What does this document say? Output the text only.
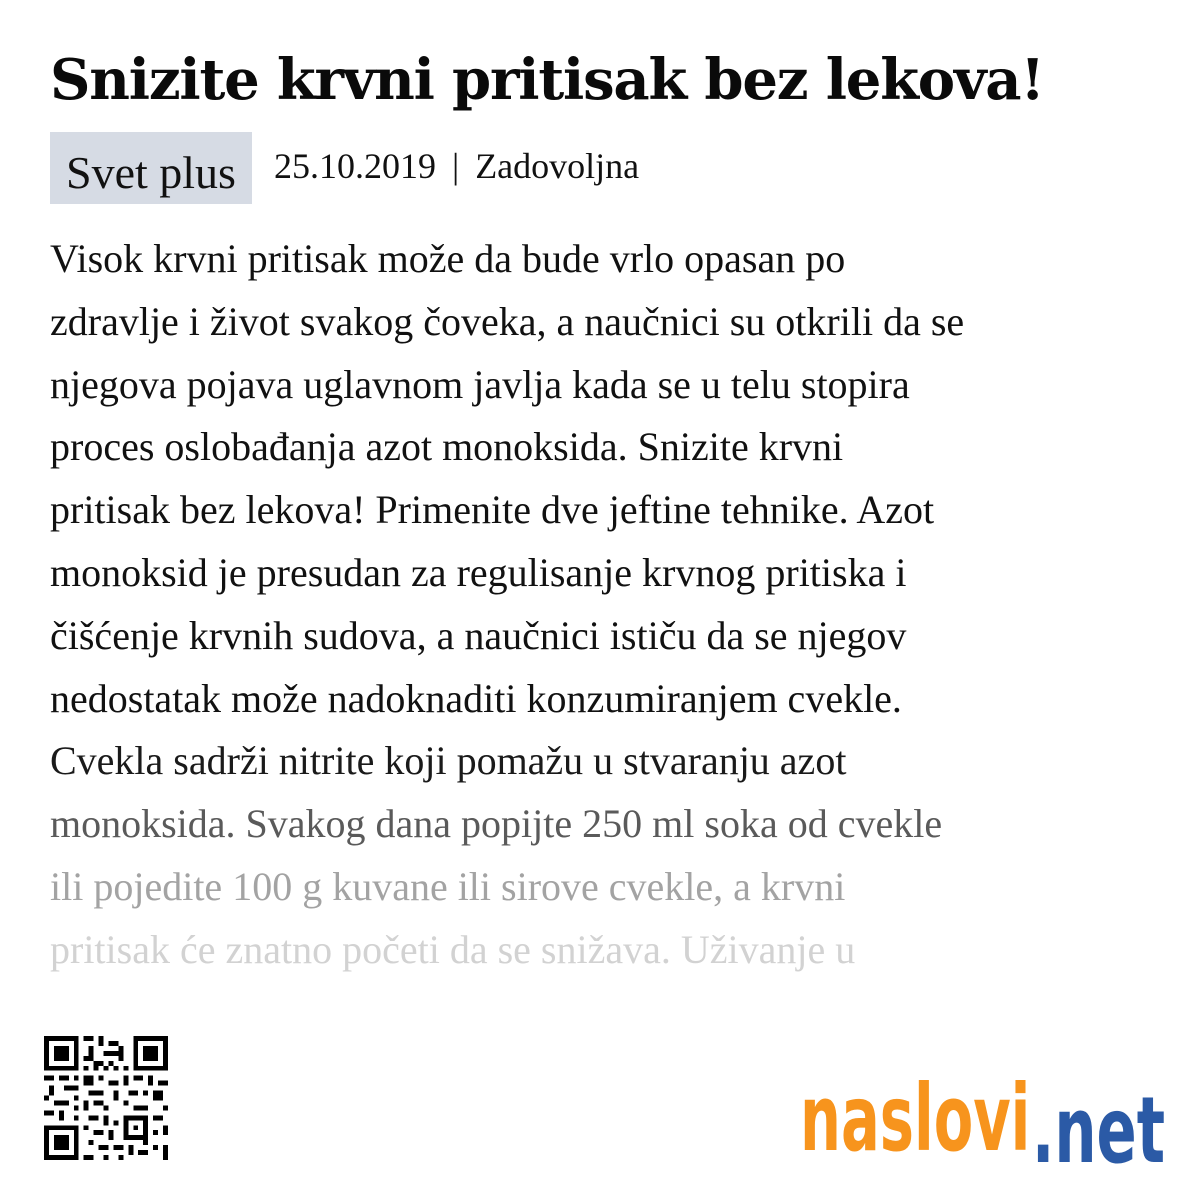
Snizite krvni pritisak bez lekova!
Svet plus	25.10.2019 | Zadovoljna
Visok krvni pritisak može da bude vrlo opasan po
zdravlje i život svakog čoveka, a naučnici su otkrili da se
njegova pojava uglavnom javlja kada se u telu stopira
proces oslobađanja azot monoksida. Snizite krvni
pritisak bez lekova! Primenite dve jeftine tehnike. Azot
monoksid je presudan za regulisanje krvnog pritiska i
čišćenje krvnih sudova, a naučnici ističu da se njegov
nedostatak može nadoknaditi konzumiranjem cvekle.
Cvekla sadrži nitrite koji pomažu u stvaranju azot
monoksida. Svakog dana popijte 250 ml soka od cvekle
ili pojedite 100 g kuvane ili sirove cvekle, a krvni
pritisak će znatno početi da se snižava. Uživanje u
naslovi .net
